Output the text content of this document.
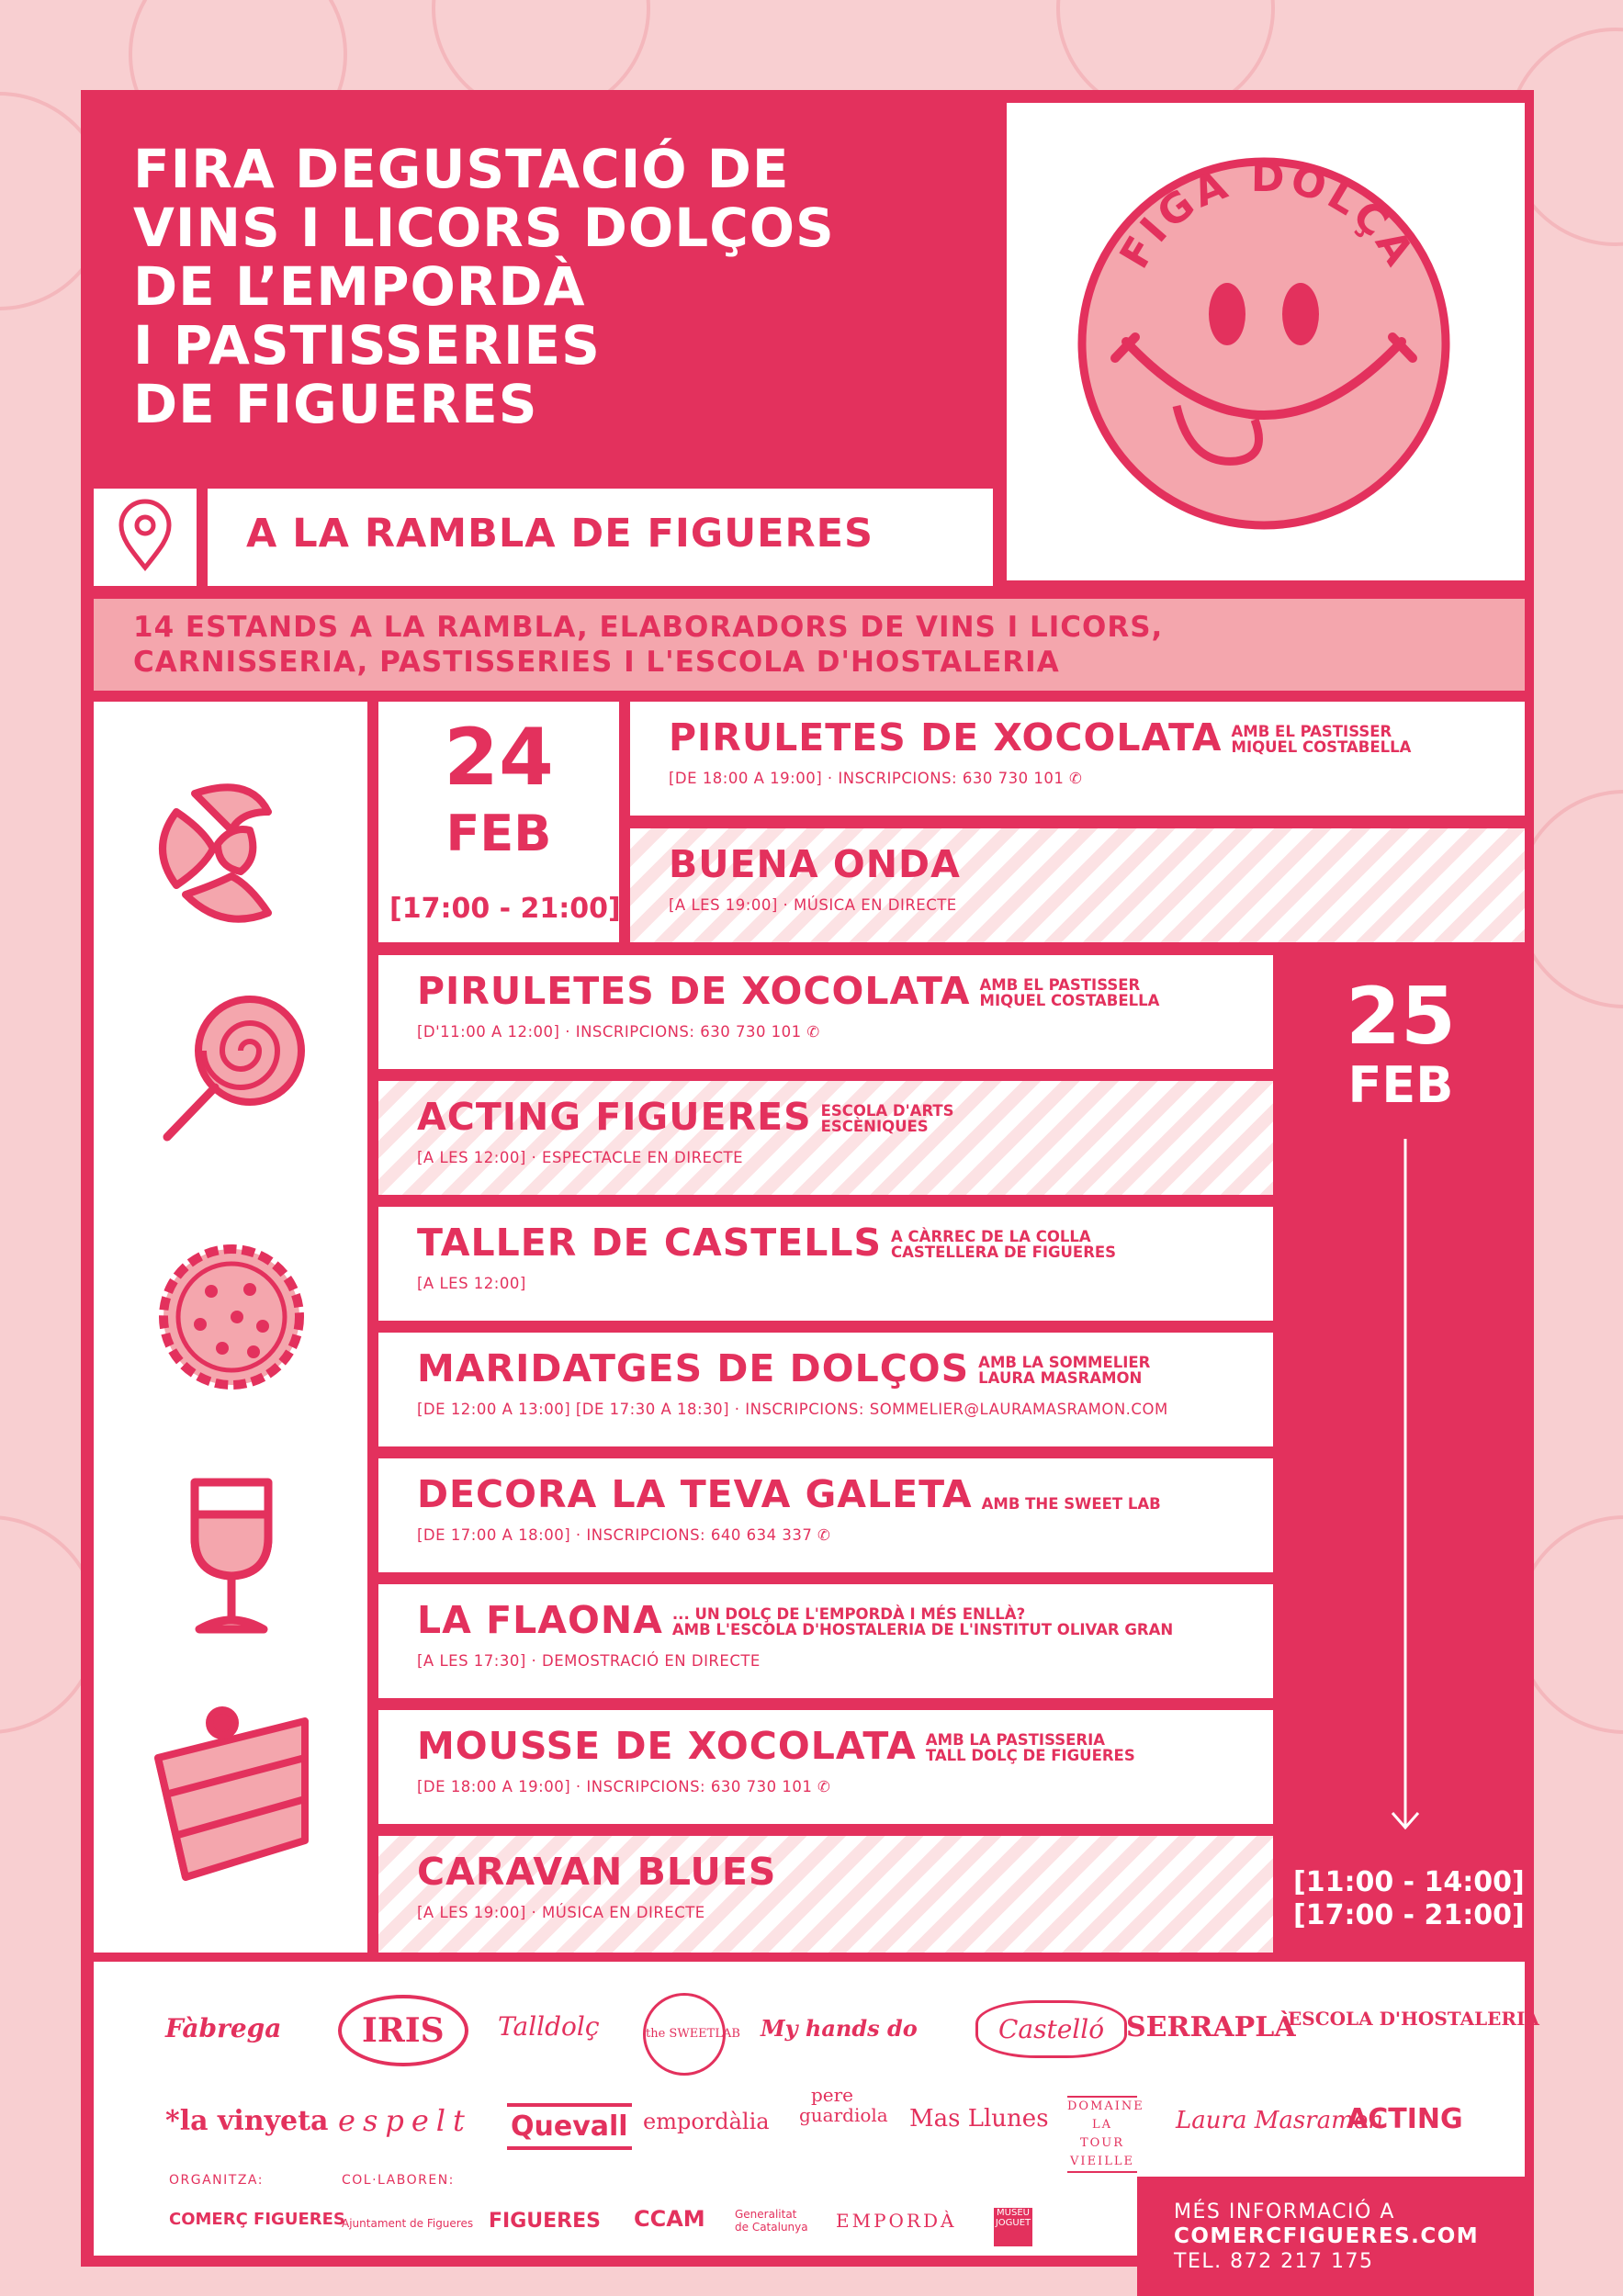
FIRA DEGUSTACIÓ DE
VINS I LICORS DOLÇOS
DE L’EMPORDÀ
I PASTISSERIES
DE FIGUERES
FIGA DOLÇA
A LA RAMBLA DE FIGUERES
14 ESTANDS A LA RAMBLA, ELABORADORS DE VINS I LICORS,
CARNISSERIA, PASTISSERIES I L'ESCOLA D'HOSTALERIA
24
FEB
[17:00 - 21:00]
25
FEB
[11:00 - 14:00]
[17:00 - 21:00]
PIRULETES DE XOCOLATA AMB EL PASTISSER
MIQUEL COSTABELLA
[DE 18:00 A 19:00] · INSCRIPCIONS: 630 730 101 ✆
BUENA ONDA
[A LES 19:00] · MÚSICA EN DIRECTE
PIRULETES DE XOCOLATA AMB EL PASTISSER
MIQUEL COSTABELLA
[D'11:00 A 12:00] · INSCRIPCIONS: 630 730 101 ✆
ACTING FIGUERES ESCOLA D'ARTS
ESCÈNIQUES
[A LES 12:00] · ESPECTACLE EN DIRECTE
TALLER DE CASTELLS A CÀRREC DE LA COLLA
CASTELLERA DE FIGUERES
[A LES 12:00]
MARIDATGES DE DOLÇOS AMB LA SOMMELIER
LAURA MASRAMON
[DE 12:00 A 13:00] [DE 17:30 A 18:30] · INSCRIPCIONS: SOMMELIER@LAURAMASRAMON.COM
DECORA LA TEVA GALETA AMB THE SWEET LAB
[DE 17:00 A 18:00] · INSCRIPCIONS: 640 634 337 ✆
LA FLAONA ... UN DOLÇ DE L'EMPORDÀ I MÉS ENLLÀ?
AMB L'ESCOLA D'HOSTALERIA DE L'INSTITUT OLIVAR GRAN
[A LES 17:30] · DEMOSTRACIÓ EN DIRECTE
MOUSSE DE XOCOLATA AMB LA PASTISSERIA
TALL DOLÇ DE FIGUERES
[DE 18:00 A 19:00] · INSCRIPCIONS: 630 730 101 ✆
CARAVAN BLUES
[A LES 19:00] · MÚSICA EN DIRECTE
Fàbrega	IRIS	Talldolç	the SWEETLAB My hands do	Castelló SERRAPLÀ
ESCOLA D'HOSTALERIA
*la vinyeta espelt Quevall empordàlia
pere guardiola Mas Llunes DOMAINE LA TOUR VIEILLE
Laura Masramon
ACTING
ORGANITZA:	COL·LABOREN:
COMERÇ FIGUERES
Ajuntament de Figueres FIGUERES CCAM	Generalitat de Catalunya EMPORDÀ	MUSEU JOGUET	MÉS INFORMACIÓ A

COMERCFIGUERES.COM

TEL. 872 217 175
